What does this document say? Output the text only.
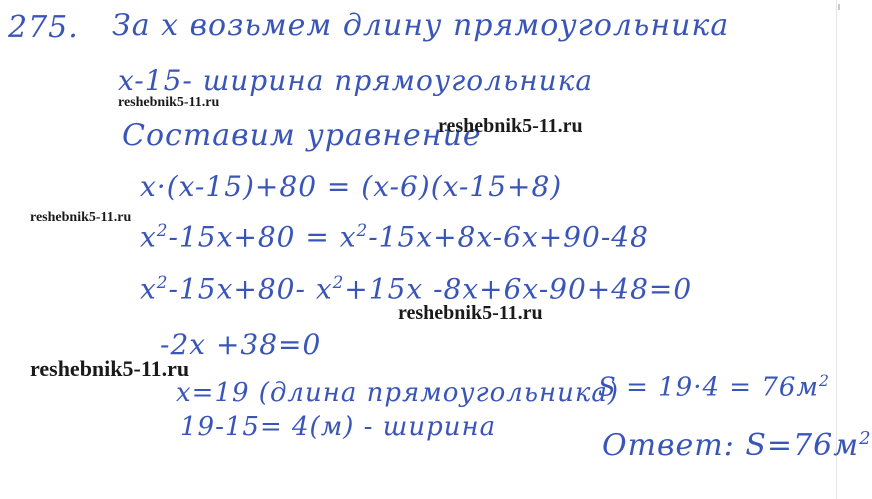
275. За x возьмем длину прямоугольника
x-15- ширина прямоугольника
reshebnik5-11.ru
Составим уравнение
reshebnik5-11.ru
x·(x-15)+80 = (x-6)(x-15+8)
reshebnik5-11.ru
$x^2-15x+80 = x^2-15x+8x-6x+90-48$
$x^2-15x+80-$ $x^2+15x$ -8x+6x-90+48=0
reshebnik5-11.ru
-2x +38=0
reshebnik5-11.ru
x=19 (длина прямоугольника)
$S = 19\cdot 4 = 76м^2$
19-15= 4(м) - ширина
Ответ: $S=76м^2$
